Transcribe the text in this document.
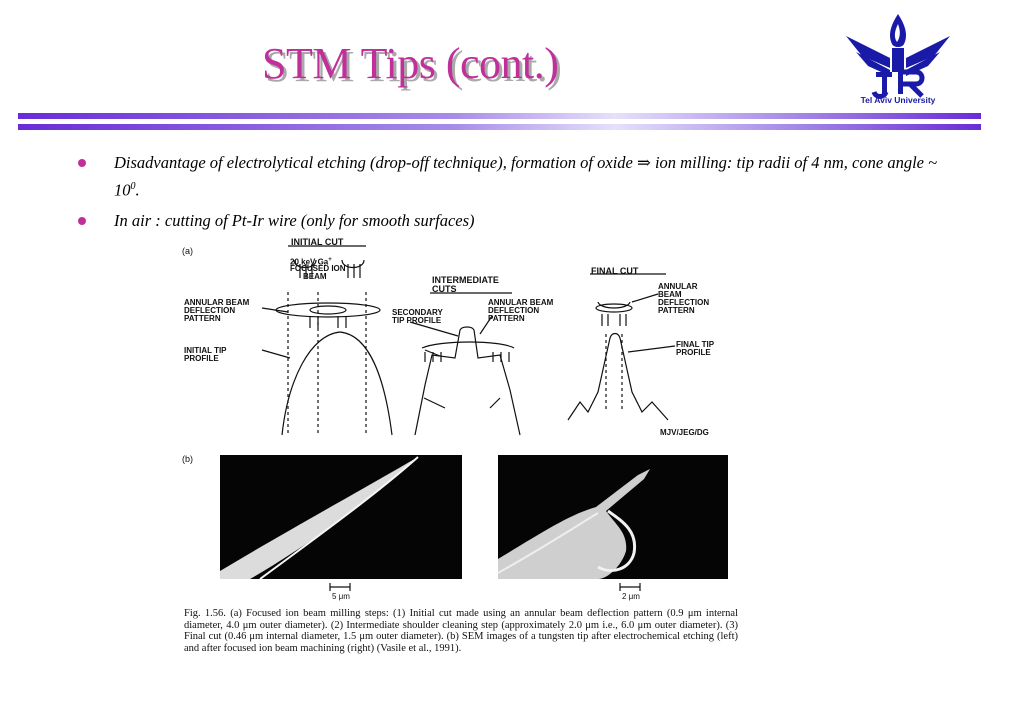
STM Tips (cont.)
Tel Aviv University
Disadvantage of electrolytical etching (drop-off technique), formation of oxide ⇒ ion milling: tip radii of 4 nm, cone angle ~ $10^0$.
In air : cutting of Pt-Ir wire (only for smooth surfaces)
(a)
INITIAL CUT
20 keV Ga+
FOCUSED ION
BEAM
ANNULAR BEAM
DEFLECTION
PATTERN
INITIAL TIP
PROFILE
INTERMEDIATE
CUTS
SECONDARY
TIP PROFILE
ANNULAR BEAM
DEFLECTION
PATTERN
FINAL CUT
ANNULAR
BEAM
DEFLECTION
PATTERN
FINAL TIP
PROFILE
MJV/JEG/DG
(b)
5 μm	2 μm
Fig. 1.56. (a) Focused ion beam milling steps: (1) Initial cut made using an annular beam deflection pattern (0.9 μm internal diameter, 4.0 μm outer diameter). (2) Intermediate shoulder cleaning step (approximately 2.0 μm i.e., 6.0 μm outer diameter). (3) Final cut (0.46 μm internal diameter, 1.5 μm outer diameter). (b) SEM images of a tungsten tip after electrochemical etching (left) and after focused ion beam machining (right) (Vasile et al., 1991).
